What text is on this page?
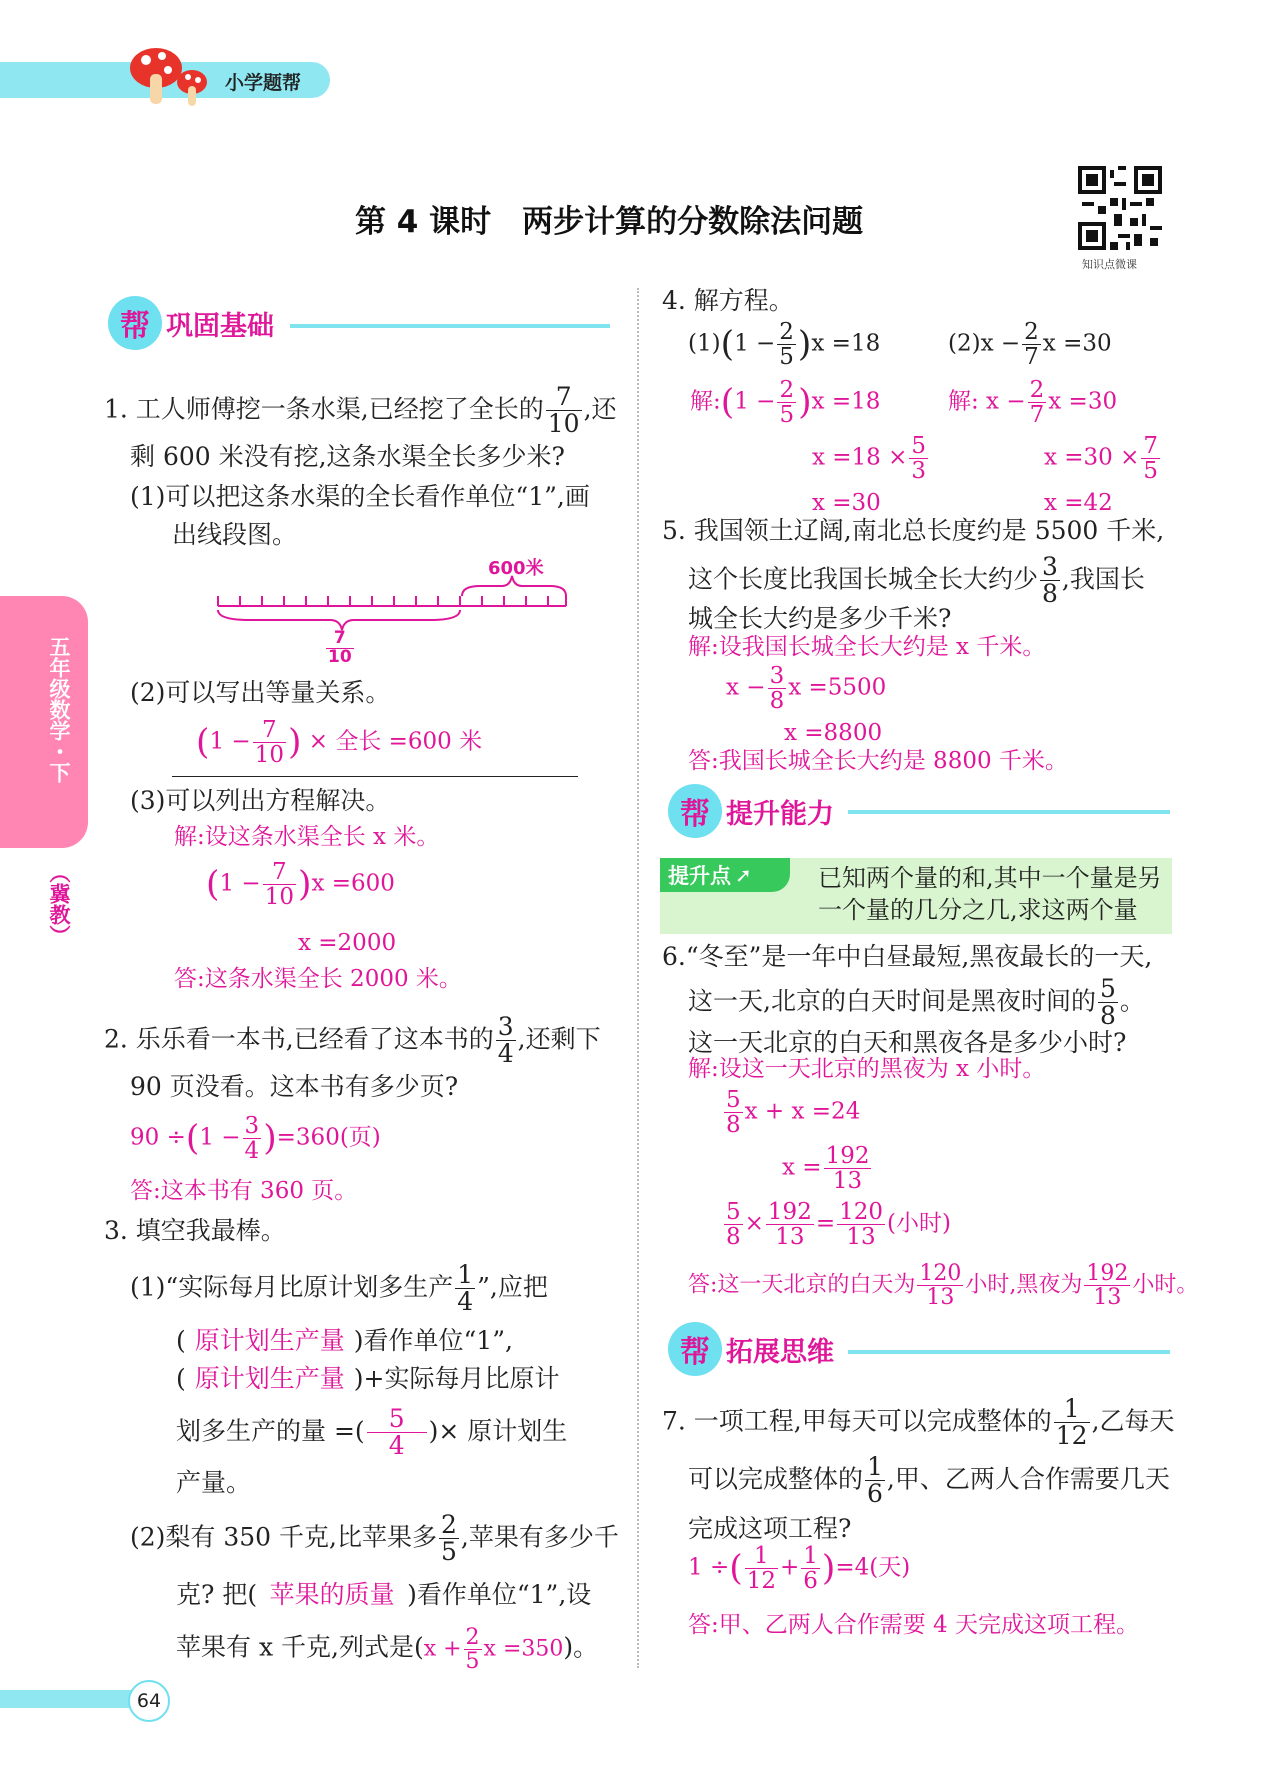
小学题帮
第 4 课时　两步计算的分数除法问题
知识点微课
五年级数学・下
（冀教）
帮 巩固基础
1. 工人师傅挖一条水渠,已经挖了全长的 $\frac{7}{10}$ ,还
剩 600 米没有挖,这条水渠全长多少米?
(1)可以把这条水渠的全长看作单位“1”,画
出线段图。
600米
$\frac{7}{10}$
(2)可以写出等量关系。
($1 - \frac{7}{10}$ ) × 全长 =600 米
(3)可以列出方程解决。
解:设这条水渠全长 x 米。
$(1 - \frac{7}{10} )x =600$
x =2000
答:这条水渠全长 2000 米。
2. 乐乐看一本书,已经看了这本书的 $\frac{3}{4}$ ,还剩下
90 页没看。这本书有多少页?
$90 \div(1 - \frac{3}{4} )=360$(页)
答:这本书有 360 页。
3. 填空我最棒。
(1)“实际每月比原计划多生产 $\frac{1}{4}$ ”,应把
( 原计划生产量 )看作单位“1”,
( 原计划生产量 )+实际每月比原计
划多生产的量 =( $\frac{5}{4}$ )× 原计划生
产量。
(2)梨有 350 千克,比苹果多 $\frac{2}{5}$ ,苹果有多少千
克? 把( 苹果的质量 )看作单位“1”,设
苹果有 x 千克,列式是($x + \frac{2}{5}$ x =350)。
4. 解方程。
$(1)(1 - \frac{2}{5} )x =18$	$(2)x - \frac{2}{7}$ x =30
解:(1 − $\frac{2}{5} )x =18$
$x =18 \times \frac{5}{3}$
x =30
解: $x - \frac{2}{7}$ x =30
$x =30 \times \frac{7}{5}$
x =42
5. 我国领土辽阔,南北总长度约是 5500 千米,
这个长度比我国长城全长大约少 $\frac{3}{8}$ ,我国长
城全长大约是多少千米?
解:设我国长城全长大约是 x 千米。
$x - \frac{3}{8}$ x =5500
x =8800
答:我国长城全长大约是 8800 千米。
帮 提升能力
提升点 ➚	已知两个量的和,其中一个量是另
一个量的几分之几,求这两个量
6.“冬至”是一年中白昼最短,黑夜最长的一天,
这一天,北京的白天时间是黑夜时间的 $\frac{5}{8}$ 。
这一天北京的白天和黑夜各是多少小时?
解:设这一天北京的黑夜为 x 小时。
$\frac{5}{8}$ x + x =24
$x = \frac{192}{13}$
$\frac{5}{8} \times \frac{192}{13} = \frac{120}{13}$ (小时)
答:这一天北京的白天为 $\frac{120}{13}$ 小时,黑夜为 $\frac{192}{13}$ 小时。
帮 拓展思维
7. 一项工程,甲每天可以完成整体的 $\frac{1}{12}$ ,乙每天
可以完成整体的 $\frac{1}{6}$ ,甲、乙两人合作需要几天
完成这项工程?
1 ÷( $\frac{1}{12} + \frac{1}{6} )=4$(天)
答:甲、乙两人合作需要 4 天完成这项工程。
64
